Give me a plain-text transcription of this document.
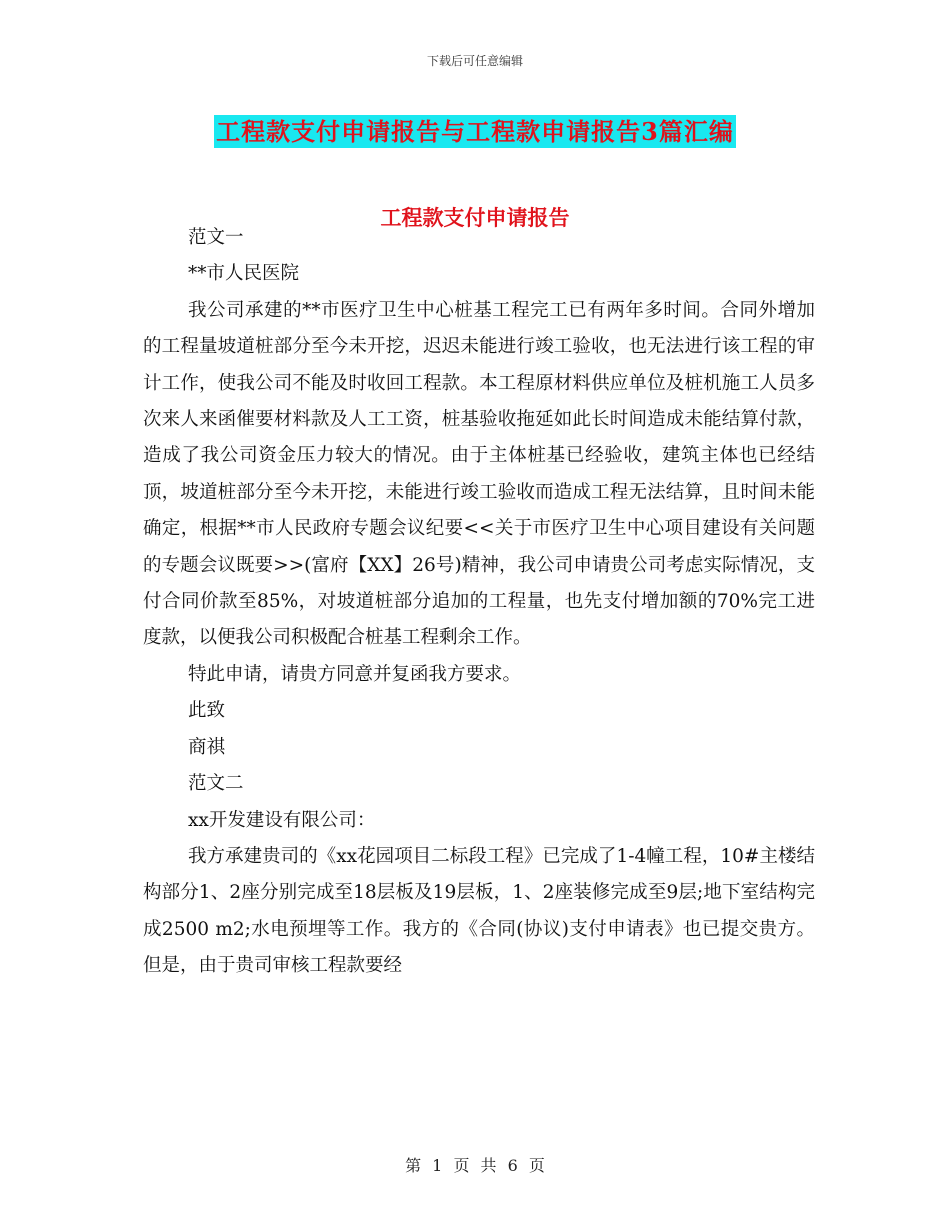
下载后可任意编辑
工程款支付申请报告与工程款申请报告3篇汇编
工程款支付申请报告

范文一

**市人民医院

我公司承建的**市医疗卫生中心桩基工程完工已有两年多时间。合同外增加的工程量坡道桩部分至今未开挖，迟迟未能进行竣工验收，也无法进行该工程的审计工作，使我公司不能及时收回工程款。本工程原材料供应单位及桩机施工人员多次来人来函催要材料款及人工工资，桩基验收拖延如此长时间造成未能结算付款，造成了我公司资金压力较大的情况。由于主体桩基已经验收，建筑主体也已经结顶，坡道桩部分至今未开挖，未能进行竣工验收而造成工程无法结算，且时间未能确定，根据**市人民政府专题会议纪要<<关于市医疗卫生中心项目建设有关问题的专题会议既要>>(富府【XX】26号)精神，我公司申请贵公司考虑实际情况，支付合同价款至85%，对坡道桩部分追加的工程量，也先支付增加额的70%完工进度款，以便我公司积极配合桩基工程剩余工作。

特此申请，请贵方同意并复函我方要求。

此致

商祺

范文二

xx开发建设有限公司：

我方承建贵司的《xx花园项目二标段工程》已完成了1-4幢工程，10#主楼结构部分1、2座分别完成至18层板及19层板，1、2座装修完成至9层;地下室结构完成2500 m2;水电预埋等工作。我方的《合同(协议)支付申请表》也已提交贵方。但是，由于贵司审核工程款要经

第 1 页 共 6 页
